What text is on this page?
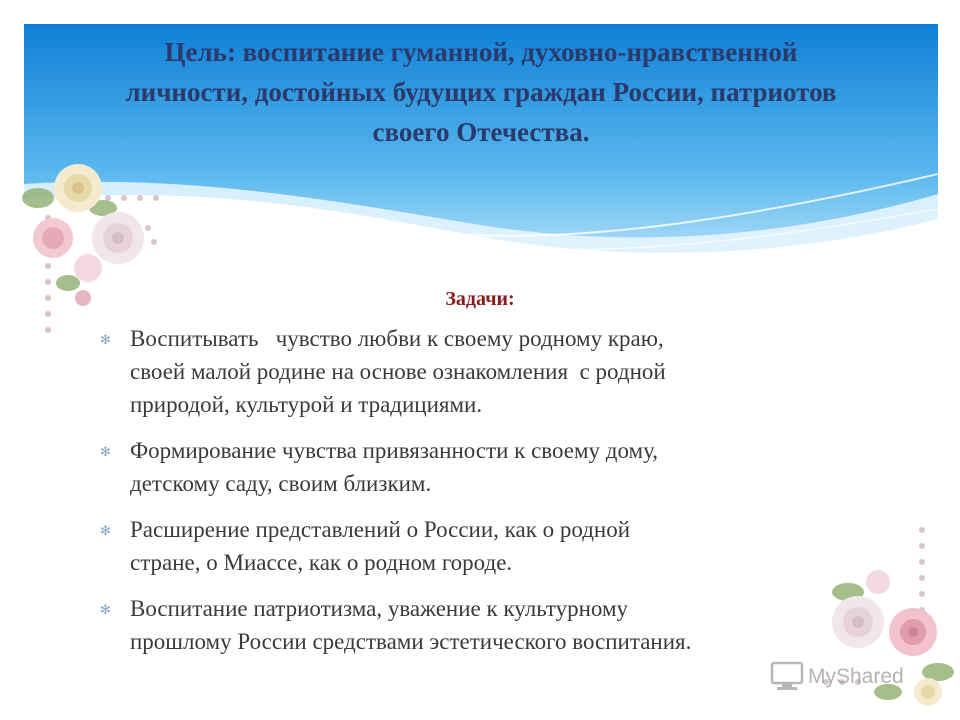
Цель: воспитание гуманной, духовно-нравственной
личности, достойных будущих граждан России, патриотов
своего Отечества.
Задачи:
✻ Воспитывать   чувство любви к своему родному краю,
своей малой родине на основе ознакомления  с родной
природой, культурой и традициями.
✻ Формирование чувства привязанности к своему дому,
детскому саду, своим близким.
✻ Расширение представлений о России, как о родной
стране, о Миассе, как о родном городе.
✻ Воспитание патриотизма, уважение к культурному
прошлому России средствами эстетического воспитания.
MyShared
